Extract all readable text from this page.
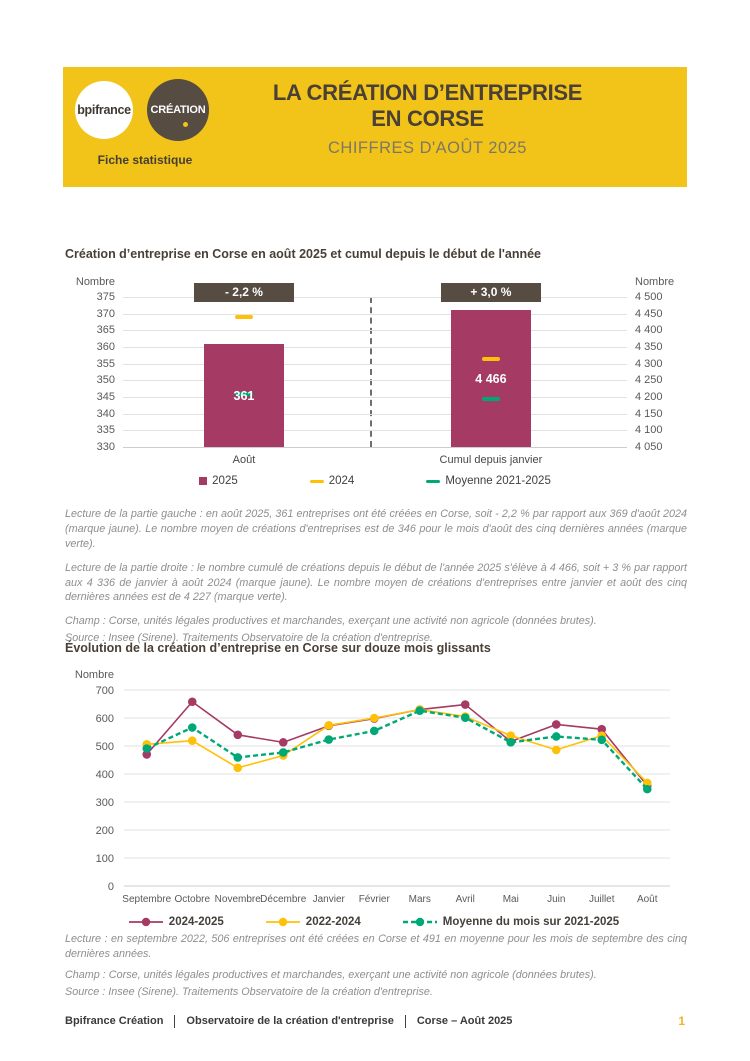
bpifrance CRÉATION
Fiche statistique
LA CRÉATION D’ENTREPRISE
EN CORSE
CHIFFRES D'AOÛT 2025
Création d’entreprise en Corse en août 2025 et cumul depuis le début de l'année
Nombre
375
370
365
360
355
350
345
340
335
330
361
- 2,2 %
Août
4 466
+ 3,0 %
Cumul depuis janvier
Nombre
4 500
4 450
4 400
4 350
4 300
4 250
4 200
4 150
4 100
4 050
2025	2024	Moyenne 2021-2025

Lecture de la partie gauche : en août 2025, 361 entreprises ont été créées en Corse, soit - 2,2 % par rapport aux 369 d'août 2024 (marque jaune). Le nombre moyen de créations d'entreprises est de 346 pour le mois d'août des cinq dernières années (marque verte).

Lecture de la partie droite : le nombre cumulé de créations depuis le début de l'année 2025 s'élève à 4 466, soit + 3 % par rapport aux 4 336 de janvier à août 2024 (marque jaune). Le nombre moyen de créations d'entreprises entre janvier et août des cinq dernières années est de 4 227 (marque verte).

Champ : Corse, unités légales productives et marchandes, exerçant une activité non agricole (données brutes).

Source : Insee (Sirene). Traitements Observatoire de la création d'entreprise.

Évolution de la création d’entreprise en Corse sur douze mois glissants
0
100
200
300
400
500
600
700
Nombre
Septembre Octobre Novembre Décembre Janvier Février Mars Avril	Mai	Juin Juillet Août
2024-2025	2022-2024	Moyenne du mois sur 2021-2025

Lecture : en septembre 2022, 506 entreprises ont été créées en Corse et 491 en moyenne pour les mois de septembre des cinq dernières années.

Champ : Corse, unités légales productives et marchandes, exerçant une activité non agricole (données brutes).

Source : Insee (Sirene). Traitements Observatoire de la création d'entreprise.

Bpifrance Création Observatoire de la création d'entreprise Corse – Août 2025	1
